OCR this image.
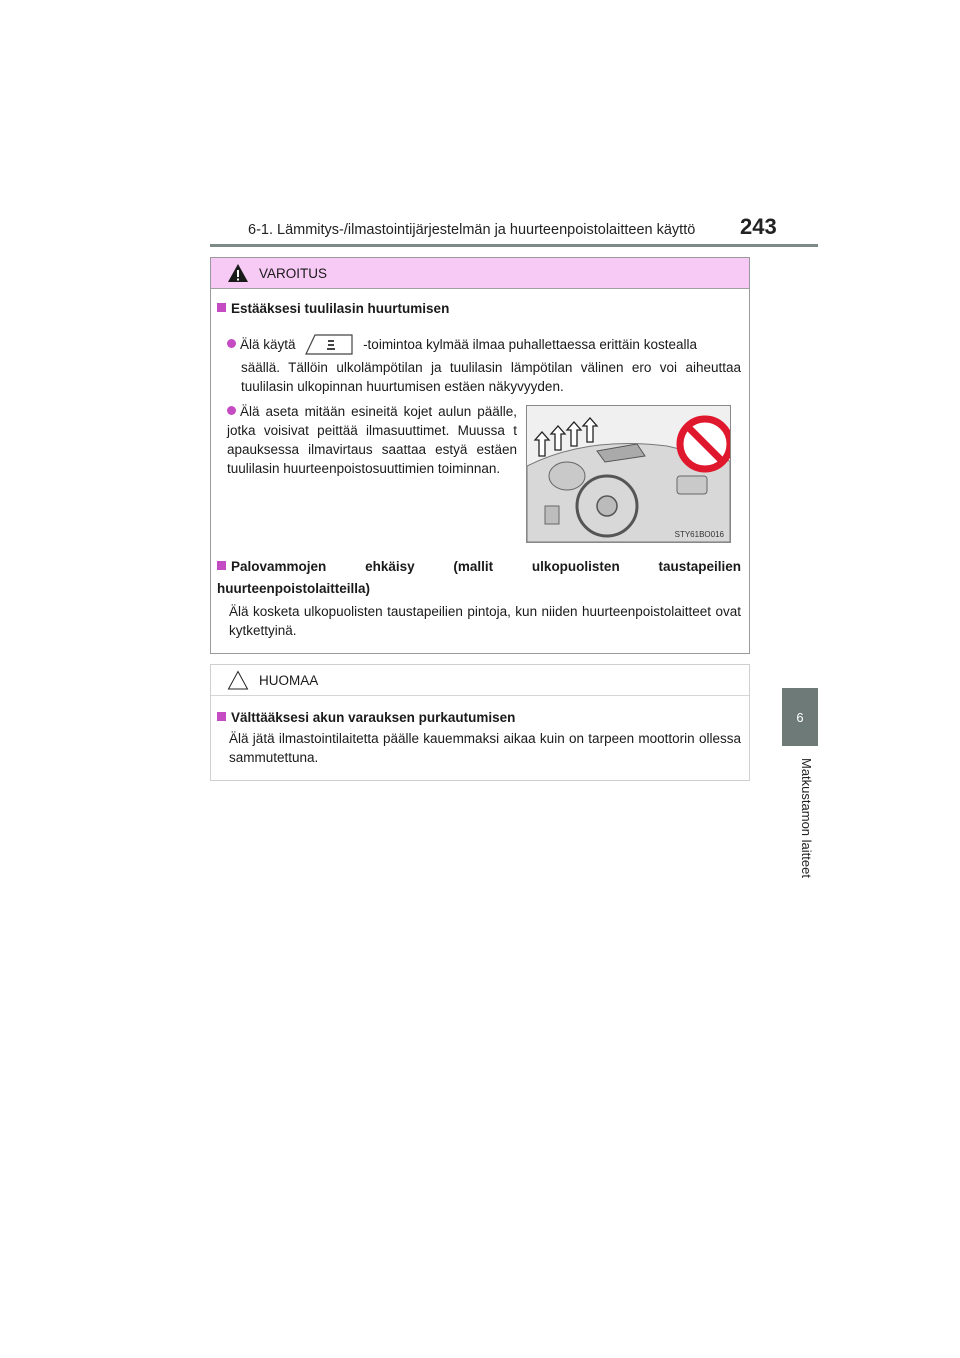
6-1. Lämmitys-/ilmastointijärjestelmän ja huurteenpoistolaitteen käyttö 243
6
Matkustamon laitteet
VAROITUS
Estääksesi tuulilasin huurtumisen
Älä käytä	-toimintoa kylmää ilmaa puhallettaessa erittäin kostealla
säällä. Tällöin ulkolämpötilan ja tuulilasin lämpötilan välinen ero voi aiheuttaa tuulilasin ulkopinnan huurtumisen estäen näkyvyyden.
Älä aseta mitään esineitä kojet aulun päälle, jotka voisivat peittää ilmasuuttimet. Muussa t apauksessa ilmavirtaus saattaa estyä estäen tuulilasin huurteenpoistosuuttimien toiminnan.
STY61BO016
Palovammojen ehkäisy (mallit ulkopuolisten taustapeilien huurteenpoistolaitteilla)
Älä kosketa ulkopuolisten taustapeilien pintoja, kun niiden huurteenpoistolaitteet ovat kytkettyinä.
HUOMAA
Välttääksesi akun varauksen purkautumisen
Älä jätä ilmastointilaitetta päälle kauemmaksi aikaa kuin on tarpeen moottorin ollessa sammutettuna.
